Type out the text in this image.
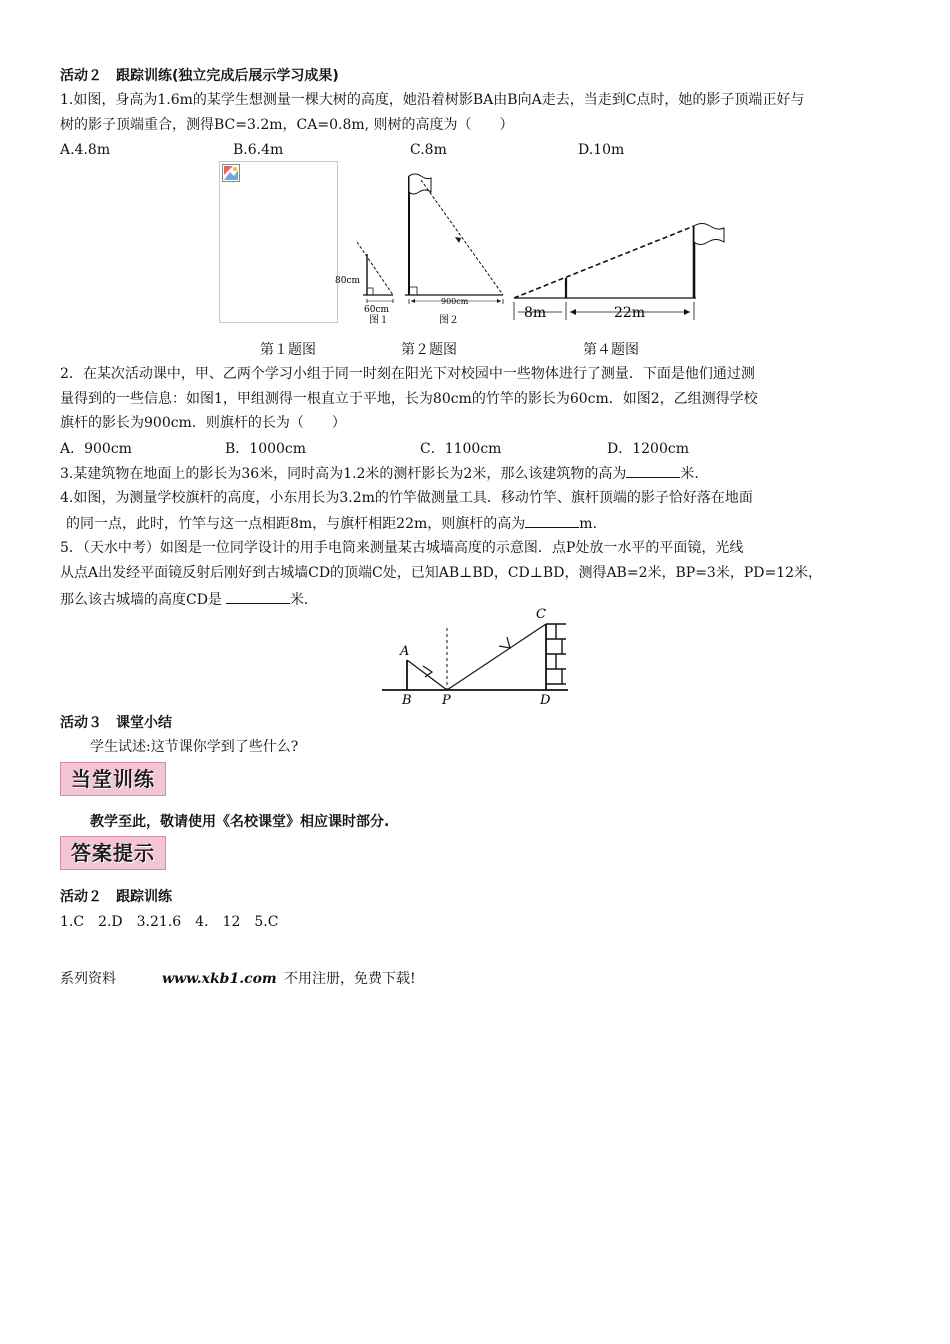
活动２　跟踪训练(独立完成后展示学习成果)
1.如图，身高为1.6m的某学生想测量一棵大树的高度，她沿着树影BA由B向A走去，当走到C点时，她的影子顶端正好与
树的影子顶端重合，测得BC=3.2m，CA=0.8m, 则树的高度为（　　）
A.4.8m	B.6.4m	C.8m	D.10m
80cm
60cm
图１
900cm
图２	8m	22m
第１题图	第２题图	第４题图
2．在某次活动课中，甲、乙两个学习小组于同一时刻在阳光下对校园中一些物体进行了测量．下面是他们通过测
量得到的一些信息：如图1，甲组测得一根直立于平地，长为80cm的竹竿的影长为60cm．如图2，乙组测得学校
旗杆的影长为900cm．则旗杆的长为（　　）
A．900cm	B．1000cm	C．1100cm	D．1200cm
3.某建筑物在地面上的影长为36米，同时高为1.2米的测杆影长为2米，那么该建筑物的高为	米.
4.如图，为测量学校旗杆的高度，小东用长为3.2m的竹竿做测量工具．移动竹竿、旗杆顶端的影子恰好落在地面
的同一点，此时，竹竿与这一点相距8m，与旗杆相距22m，则旗杆的高为	m.
5．（天水中考）如图是一位同学设计的用手电筒来测量某古城墙高度的示意图．点P处放一水平的平面镜，光线
从点A出发经平面镜反射后刚好到古城墙CD的顶端C处，已知AB⊥BD，CD⊥BD，测得AB=2米，BP=3米，PD=12米，
那么该古城墙的高度CD是	米．
A
B P
C
D
活动３　课堂小结
学生试述:这节课你学到了些什么?
当堂训练
教学至此，敬请使用《名校课堂》相应课时部分.
答案提示
活动２　跟踪训练
1.C　2.D　3.21.6　4.　12　5.C
系列资料	www.xkb1.com 不用注册，免费下载!
